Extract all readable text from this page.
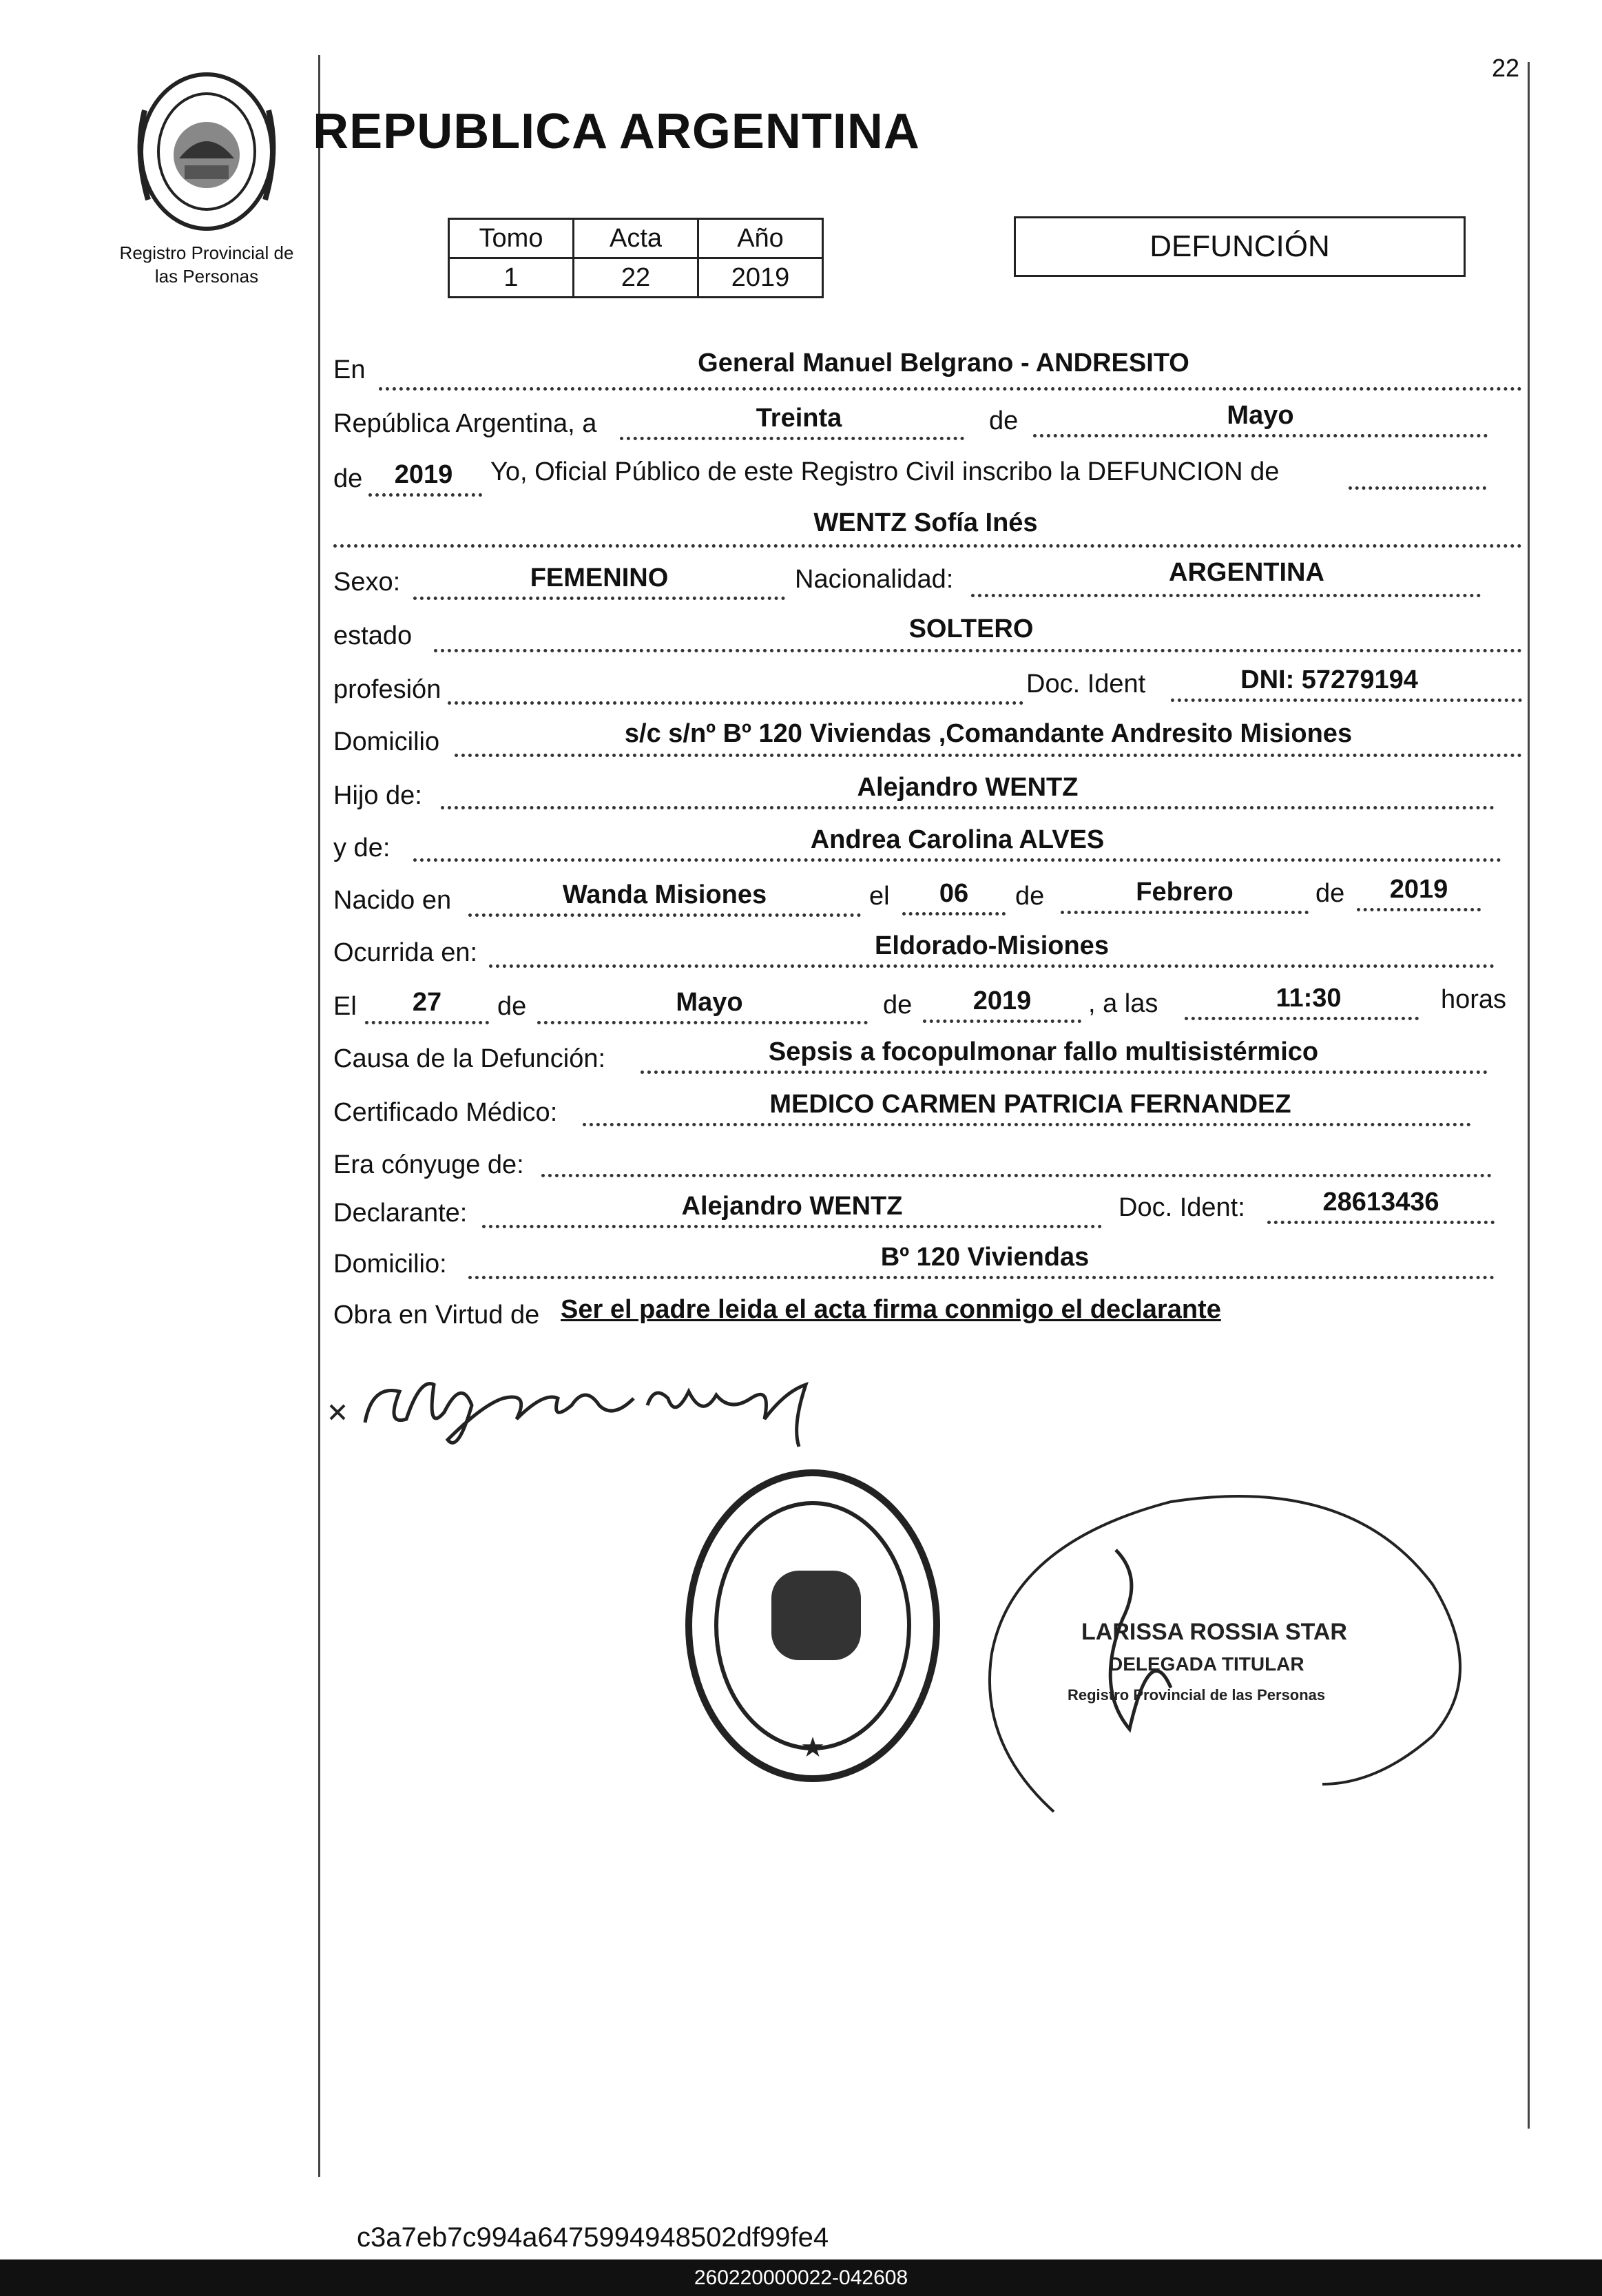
22
Registro Provincial de
las Personas
REPUBLICA ARGENTINA
Tomo	Acta	Año
1	22	2019
DEFUNCIÓN
En	General Manuel Belgrano - ANDRESITO
República Argentina, a	Treinta	de	Mayo
de	2019	Yo, Oficial Público de este Registro Civil inscribo la DEFUNCION de
WENTZ Sofía Inés
Sexo:	FEMENINO	Nacionalidad:	ARGENTINA
estado	SOLTERO
profesión	Doc. Ident	DNI: 57279194
Domicilio	s/c s/nº Bº 120 Viviendas ,Comandante Andresito Misiones
Hijo de:	Alejandro WENTZ
y de:	Andrea Carolina ALVES
Nacido en	Wanda Misiones	el	06	de	Febrero	de	2019
Ocurrida en:	Eldorado-Misiones
El	27	de	Mayo	de	2019	, a las	11:30	horas
Causa de la Defunción:	Sepsis a focopulmonar fallo multisistérmico
Certificado Médico:	MEDICO CARMEN PATRICIA FERNANDEZ
Era cónyuge de:
Declarante:	Alejandro WENTZ	Doc. Ident:	28613436
Domicilio:	Bº 120 Viviendas
Obra en Virtud de Ser el padre leida el acta firma conmigo el declarante
★
LARISSA ROSSIA STAR
DELEGADA TITULAR
Registro Provincial de las Personas
c3a7eb7c994a6475994948502df99fe4
260220000022-042608
